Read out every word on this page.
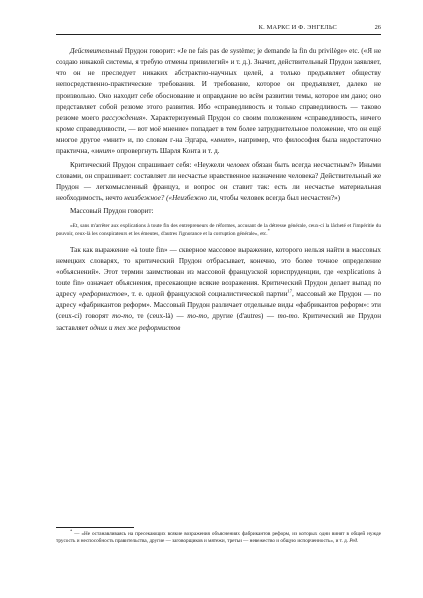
К. МАРКС И Ф. ЭНГЕЛЬС	26

Действительный Прудон говорит: «Je ne fais pas de système; je demande la fin du privilège» etc. («Я не создаю никакой системы, я требую отмены привилегий» и т. д.). Значит, действительный Прудон заявляет, что он не преследует никаких абстрактно-научных целей, а только предъявляет обществу непосредственно-практические требования. И требование, которое он предъявляет, далеко не произвольно. Оно находит себе обоснование и оправдание во всём развитии темы, которое им дано; оно представляет собой резюме этого развития. Ибо «справедливость и только справедливость — таково резюме моего рассуждения». Характеризуемый Прудон со своим положением «справедливость, ничего кроме справедливости, — вот моё мнение» попадает в тем более затруднительное положение, что он ещё многое другое «мнит» и, по словам г-на Эдгара, «мнит», например, что философия была недостаточно практична, «мнит» опровергнуть Шарля Конта и т. д.

Критический Прудон спрашивает себя: «Неужели человек обязан быть всегда несчастным?» Иными словами, он спрашивает: составляет ли несчастье нравственное назначение человека? Действительный же Прудон — легкомысленный француз, и вопрос он ставит так: есть ли несчастье материальная необходимость, нечто неизбежное? («Неизбежно ли, чтобы человек всегда был несчастен?»)

Массовый Прудон говорит:

«Et, sans m'arrêter aux explications à toute fin des entrepreneurs de réformes, accusant de la détresse générale, ceux-ci la lâcheté et l'impéritie du pouvoir, ceux-là les conspirateurs et les émeutes, d'autres l'ignorance et la corruption générale», etc.*

Так как выражение «à toute fin» — скверное массовое выражение, которого нельзя найти в массовых немецких словарях, то критический Прудон отбрасывает, конечно, это более точное определение «объяснений». Этот термин заимствован из массовой французской юриспруденции, где «explications à toute fin» означает объяснения, пресекающие всякие возражения. Критический Прудон делает выпад по адресу «реформистов», т. е. одной французской социалистической партии$^{17}$, массовый же Прудон — по адресу «фабрикантов реформ». Массовый Прудон различает отдельные виды «фабрикантов реформ»: эти (ceux-ci) говорят то-то, те (ceux-là) — то-то, другие (d'autres) — то-то. Критический же Прудон заставляет одних и тех же реформистов

* — «Не останавливаясь на пресекающих всякие возражения объяснениях фабрикантов реформ, из которых одни винят в общей нужде трусость и неспособность правительства, другие — заговорщиков и мятежи, третьи — невежество и общую испорченность», и т. д. Ред.
